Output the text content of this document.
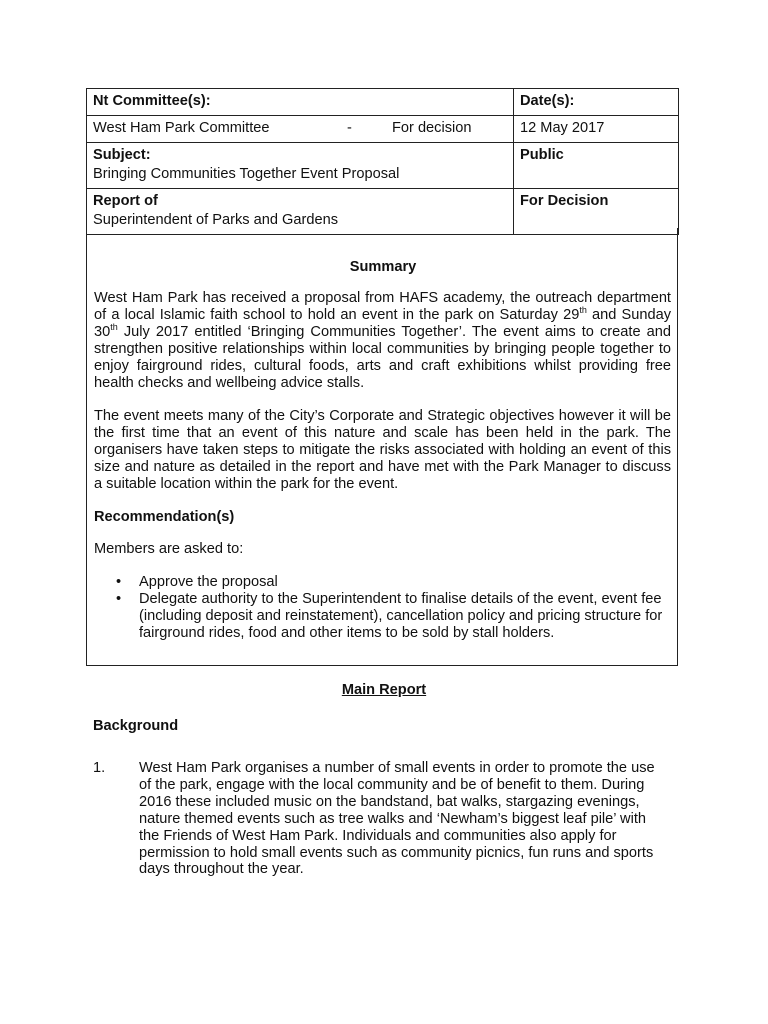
Nt Committee(s):	Date(s):

West Ham Park Committee - For decision	12 May 2017

Subject:
Bringing Communities Together Event Proposal	Public

Report of
Superintendent of Parks and Gardens	For Decision
Summary
West Ham Park has received a proposal from HAFS academy, the outreach department of a local Islamic faith school to hold an event in the park on Saturday 29th and Sunday 30th July 2017 entitled ‘Bringing Communities Together’. The event aims to create and strengthen positive relationships within local communities by bringing people together to enjoy fairground rides, cultural foods, arts and craft exhibitions whilst providing free health checks and wellbeing advice stalls.
The event meets many of the City’s Corporate and Strategic objectives however it will be the first time that an event of this nature and scale has been held in the park. The organisers have taken steps to mitigate the risks associated with holding an event of this size and nature as detailed in the report and have met with the Park Manager to discuss a suitable location within the park for the event.
Recommendation(s)
Members are asked to:
• Approve the proposal
• Delegate authority to the Superintendent to finalise details of the event, event fee (including deposit and reinstatement), cancellation policy and pricing structure for fairground rides, food and other items to be sold by stall holders.
Main Report
Background
1. West Ham Park organises a number of small events in order to promote the use of the park, engage with the local community and be of benefit to them. During 2016 these included music on the bandstand, bat walks, stargazing evenings, nature themed events such as tree walks and ‘Newham’s biggest leaf pile’ with the Friends of West Ham Park. Individuals and communities also apply for permission to hold small events such as community picnics, fun runs and sports days throughout the year.
